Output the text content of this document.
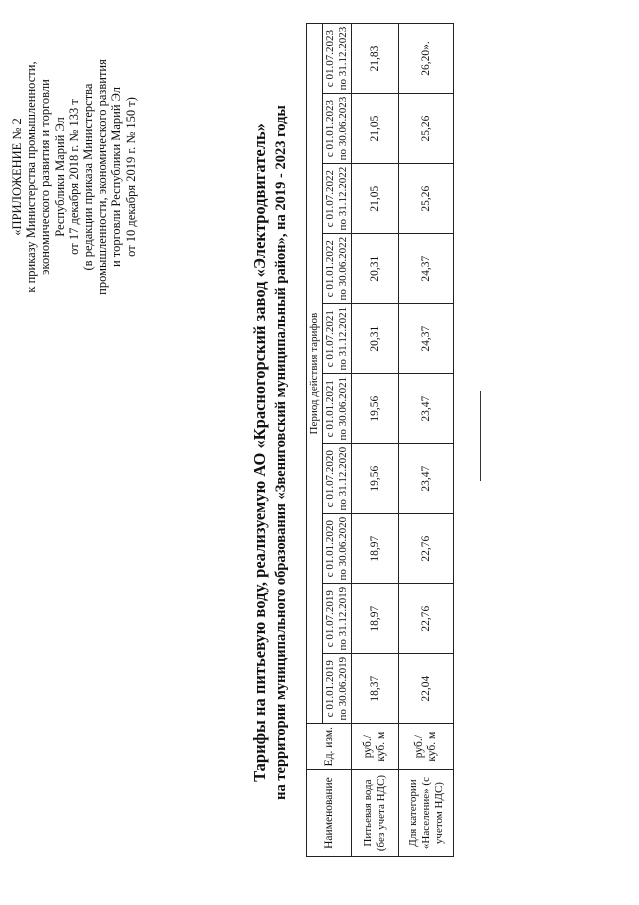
«ПРИЛОЖЕНИЕ № 2 к приказу Министерства промышленности, экономического развития и торговли Республики Марий Эл от 17 декабря 2018 г. № 133 т (в редакции приказа Министерства промышленности, экономического развития и торговли Республики Марий Эл от 10 декабря 2019 г. № 150 т)	Тарифы на питьевую воду, реализуемую АО «Красногорский завод «Электродвигатель» на территории муниципального образования «Звениговский муниципальный район», на 2019 - 2023 годы
Наименование	Ед. изм.	Период действия тарифов									
		с 01.01.2019 по 30.06.2019	с 01.07.2019 по 31.12.2019	с 01.01.2020 по 30.06.2020	с 01.07.2020 по 31.12.2020	с 01.01.2021 по 30.06.2021	с 01.07.2021 по 31.12.2021	с 01.01.2022 по 30.06.2022	с 01.07.2022 по 31.12.2022	с 01.01.2023 по 30.06.2023	с 01.07.2023 по 31.12.2023
Питьевая вода (без учета НДС)	руб./ куб. м	18,37	18,97	18,97	19,56	19,56	20,31	20,31	21,05	21,05	21,83
Для категории «Население» (с учетом НДС)	руб./ куб. м	22,04	22,76	22,76	23,47	23,47	24,37	24,37	25,26	25,26	26,20».
